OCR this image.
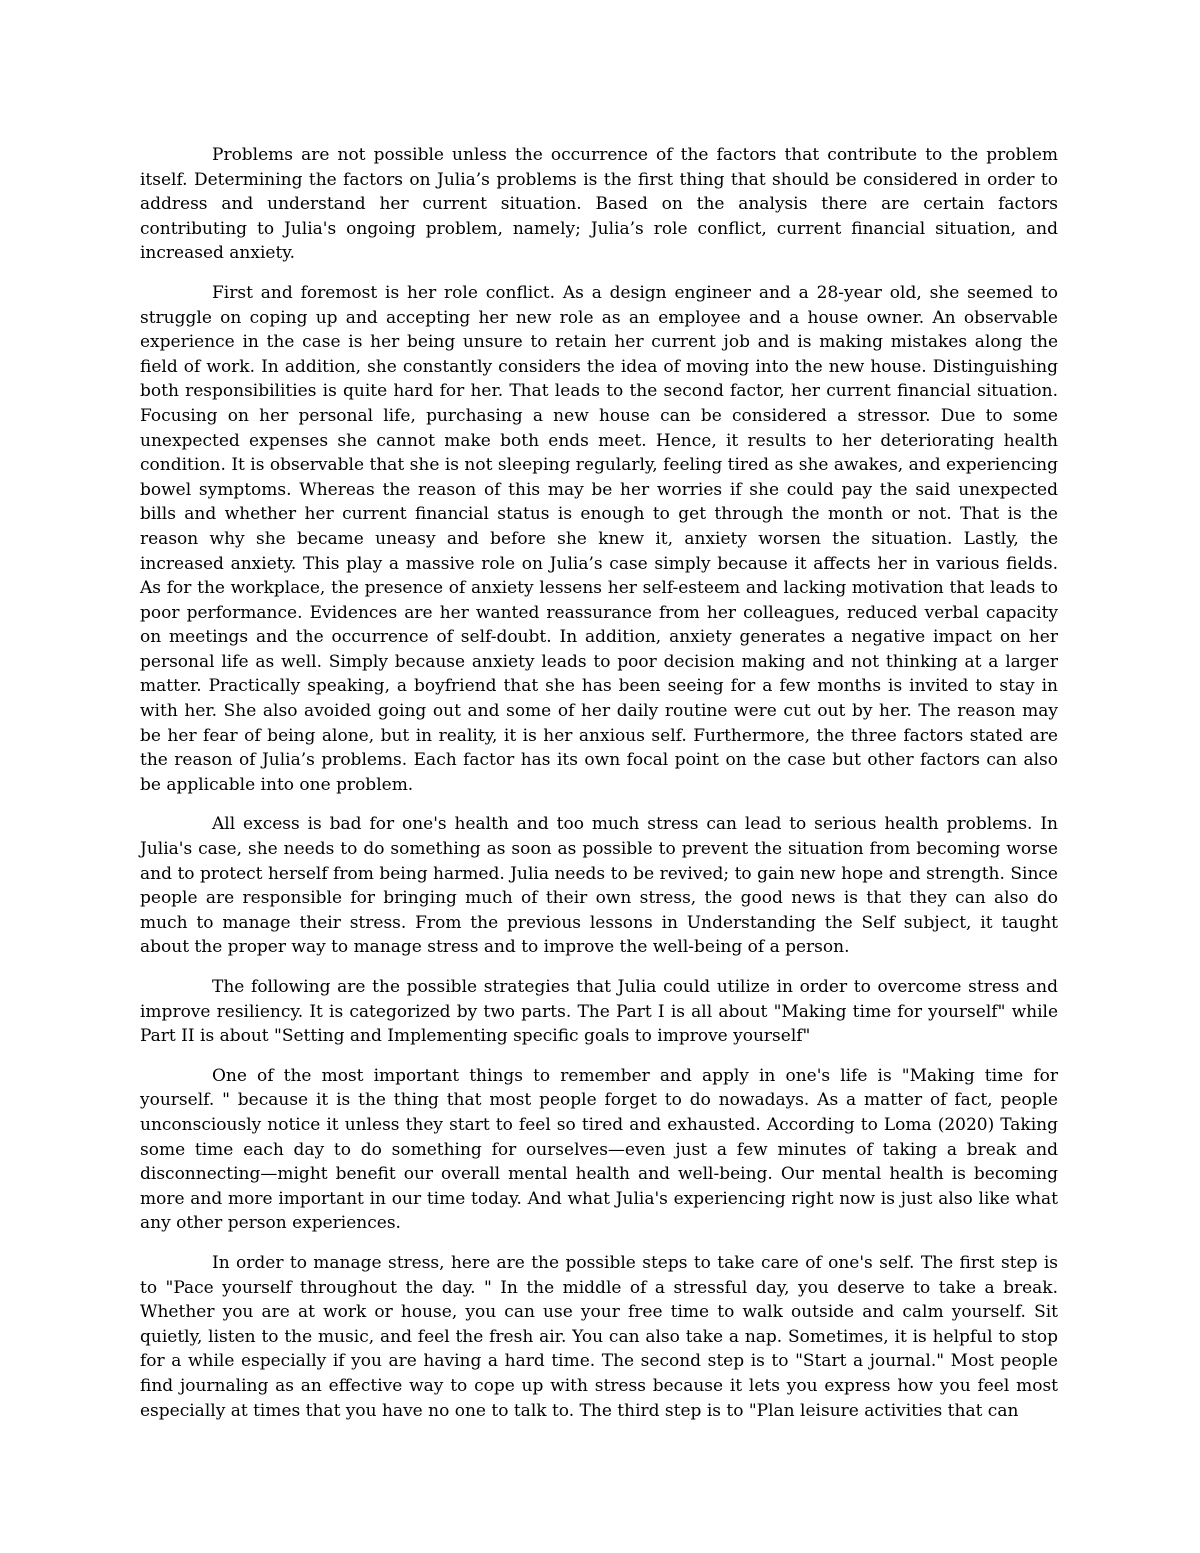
Problems are not possible unless the occurrence of the factors that contribute to the problem itself. Determining the factors on Julia’s problems is the first thing that should be considered in order to address and understand her current situation. Based on the analysis there are certain factors contributing to Julia's ongoing problem, namely; Julia’s role conflict, current financial situation, and increased anxiety.

First and foremost is her role conflict. As a design engineer and a 28-year old, she seemed to struggle on coping up and accepting her new role as an employee and a house owner. An observable experience in the case is her being unsure to retain her current job and is making mistakes along the field of work. In addition, she constantly considers the idea of moving into the new house. Distinguishing both responsibilities is quite hard for her. That leads to the second factor, her current financial situation. Focusing on her personal life, purchasing a new house can be considered a stressor. Due to some unexpected expenses she cannot make both ends meet. Hence, it results to her deteriorating health condition. It is observable that she is not sleeping regularly, feeling tired as she awakes, and experiencing bowel symptoms. Whereas the reason of this may be her worries if she could pay the said unexpected bills and whether her current financial status is enough to get through the month or not. That is the reason why she became uneasy and before she knew it, anxiety worsen the situation. Lastly, the increased anxiety. This play a massive role on Julia’s case simply because it affects her in various fields. As for the workplace, the presence of anxiety lessens her self-esteem and lacking motivation that leads to poor performance. Evidences are her wanted reassurance from her colleagues, reduced verbal capacity on meetings and the occurrence of self-doubt. In addition, anxiety generates a negative impact on her personal life as well. Simply because anxiety leads to poor decision making and not thinking at a larger matter. Practically speaking, a boyfriend that she has been seeing for a few months is invited to stay in with her. She also avoided going out and some of her daily routine were cut out by her. The reason may be her fear of being alone, but in reality, it is her anxious self. Furthermore, the three factors stated are the reason of Julia’s problems. Each factor has its own focal point on the case but other factors can also be applicable into one problem.

All excess is bad for one's health and too much stress can lead to serious health problems. In Julia's case, she needs to do something as soon as possible to prevent the situation from becoming worse and to protect herself from being harmed. Julia needs to be revived; to gain new hope and strength. Since people are responsible for bringing much of their own stress, the good news is that they can also do much to manage their stress. From the previous lessons in Understanding the Self subject, it taught about the proper way to manage stress and to improve the well-being of a person.

The following are the possible strategies that Julia could utilize in order to overcome stress and improve resiliency. It is categorized by two parts. The Part I is all about "Making time for yourself" while Part II is about "Setting and Implementing specific goals to improve yourself"

One of the most important things to remember and apply in one's life is "Making time for yourself. " because it is the thing that most people forget to do nowadays. As a matter of fact, people unconsciously notice it unless they start to feel so tired and exhausted. According to Loma (2020) Taking some time each day to do something for ourselves—even just a few minutes of taking a break and disconnecting—might benefit our overall mental health and well-being. Our mental health is becoming more and more important in our time today. And what Julia's experiencing right now is just also like what any other person experiences.

In order to manage stress, here are the possible steps to take care of one's self. The first step is to "Pace yourself throughout the day. " In the middle of a stressful day, you deserve to take a break. Whether you are at work or house, you can use your free time to walk outside and calm yourself. Sit quietly, listen to the music, and feel the fresh air. You can also take a nap. Sometimes, it is helpful to stop for a while especially if you are having a hard time. The second step is to "Start a journal." Most people find journaling as an effective way to cope up with stress because it lets you express how you feel most especially at times that you have no one to talk to. The third step is to "Plan leisure activities that can
